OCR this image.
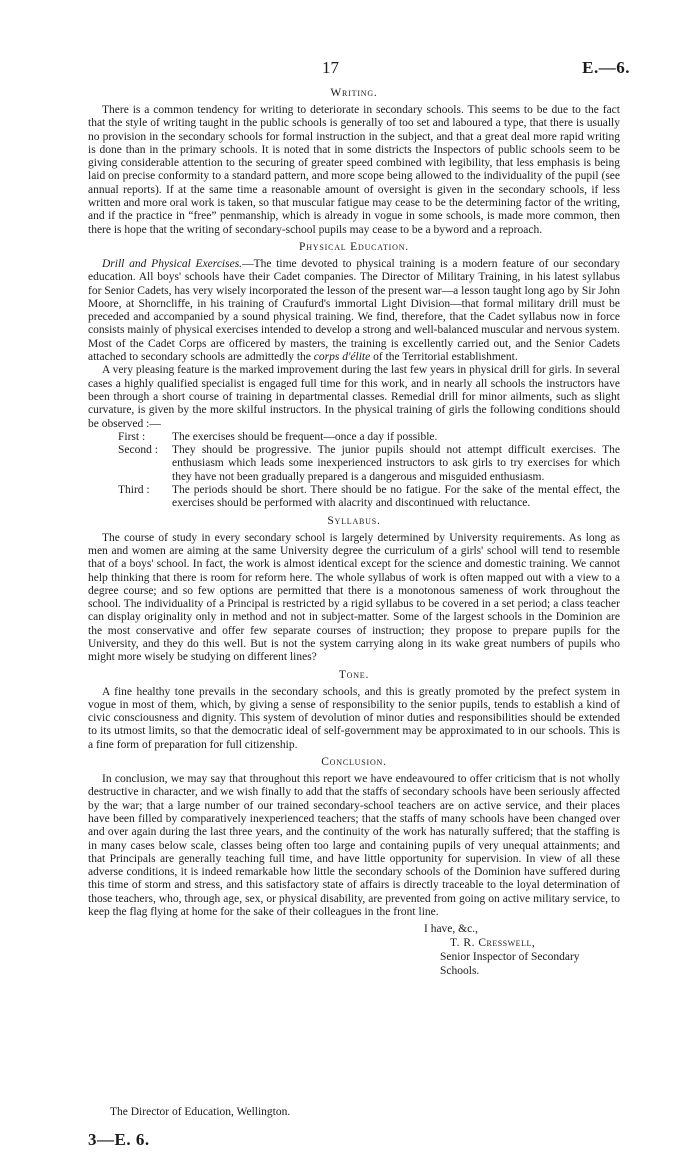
17	E.—6.
Writing.

There is a common tendency for writing to deteriorate in secondary schools. This seems to be due to the fact that the style of writing taught in the public schools is generally of too set and laboured a type, that there is usually no provision in the secondary schools for formal instruction in the subject, and that a great deal more rapid writing is done than in the primary schools. It is noted that in some districts the Inspectors of public schools seem to be giving considerable attention to the securing of greater speed combined with legibility, that less emphasis is being laid on precise conformity to a standard pattern, and more scope being allowed to the individuality of the pupil (see annual reports). If at the same time a reasonable amount of oversight is given in the secondary schools, if less written and more oral work is taken, so that muscular fatigue may cease to be the determining factor of the writing, and if the practice in “free” penmanship, which is already in vogue in some schools, is made more common, then there is hope that the writing of secondary-school pupils may cease to be a byword and a reproach.

Physical Education.

Drill and Physical Exercises.—The time devoted to physical training is a modern feature of our secondary education. All boys' schools have their Cadet companies. The Director of Military Training, in his latest syllabus for Senior Cadets, has very wisely incorporated the lesson of the present war—a lesson taught long ago by Sir John Moore, at Shorncliffe, in his training of Craufurd's immortal Light Division—that formal military drill must be preceded and accompanied by a sound physical training. We find, therefore, that the Cadet syllabus now in force consists mainly of physical exercises intended to develop a strong and well-balanced muscular and nervous system. Most of the Cadet Corps are officered by masters, the training is excellently carried out, and the Senior Cadets attached to secondary schools are admittedly the corps d'élite of the Territorial establishment.

A very pleasing feature is the marked improvement during the last few years in physical drill for girls. In several cases a highly qualified specialist is engaged full time for this work, and in nearly all schools the instructors have been through a short course of training in departmental classes. Remedial drill for minor ailments, such as slight curvature, is given by the more skilful instructors. In the physical training of girls the following conditions should be observed :—

First : The exercises should be frequent—once a day if possible.
Second : They should be progressive. The junior pupils should not attempt difficult exercises. The enthusiasm which leads some inexperienced instructors to ask girls to try exercises for which they have not been gradually prepared is a dangerous and misguided enthusiasm.
Third : The periods should be short. There should be no fatigue. For the sake of the mental effect, the exercises should be performed with alacrity and discontinued with reluctance.
Syllabus.

The course of study in every secondary school is largely determined by University requirements. As long as men and women are aiming at the same University degree the curriculum of a girls' school will tend to resemble that of a boys' school. In fact, the work is almost identical except for the science and domestic training. We cannot help thinking that there is room for reform here. The whole syllabus of work is often mapped out with a view to a degree course; and so few options are permitted that there is a monotonous sameness of work throughout the school. The individuality of a Principal is restricted by a rigid syllabus to be covered in a set period; a class teacher can display originality only in method and not in subject-matter. Some of the largest schools in the Dominion are the most conservative and offer few separate courses of instruction; they propose to prepare pupils for the University, and they do this well. But is not the system carrying along in its wake great numbers of pupils who might more wisely be studying on different lines?

Tone.

A fine healthy tone prevails in the secondary schools, and this is greatly promoted by the prefect system in vogue in most of them, which, by giving a sense of responsibility to the senior pupils, tends to establish a kind of civic consciousness and dignity. This system of devolution of minor duties and responsibilities should be extended to its utmost limits, so that the democratic ideal of self-government may be approximated to in our schools. This is a fine form of preparation for full citizenship.

Conclusion.

In conclusion, we may say that throughout this report we have endeavoured to offer criticism that is not wholly destructive in character, and we wish finally to add that the staffs of secondary schools have been seriously affected by the war; that a large number of our trained secondary-school teachers are on active service, and their places have been filled by comparatively inexperienced teachers; that the staffs of many schools have been changed over and over again during the last three years, and the continuity of the work has naturally suffered; that the staffing is in many cases below scale, classes being often too large and containing pupils of very unequal attainments; and that Principals are generally teaching full time, and have little opportunity for supervision. In view of all these adverse conditions, it is indeed remarkable how little the secondary schools of the Dominion have suffered during this time of storm and stress, and this satisfactory state of affairs is directly traceable to the loyal determination of those teachers, who, through age, sex, or physical disability, are prevented from going on active military service, to keep the flag flying at home for the sake of their colleagues in the front line.

I have, &c.,
T. R. Cresswell,
Senior Inspector of Secondary Schools.
The Director of Education, Wellington.
3—E. 6.
